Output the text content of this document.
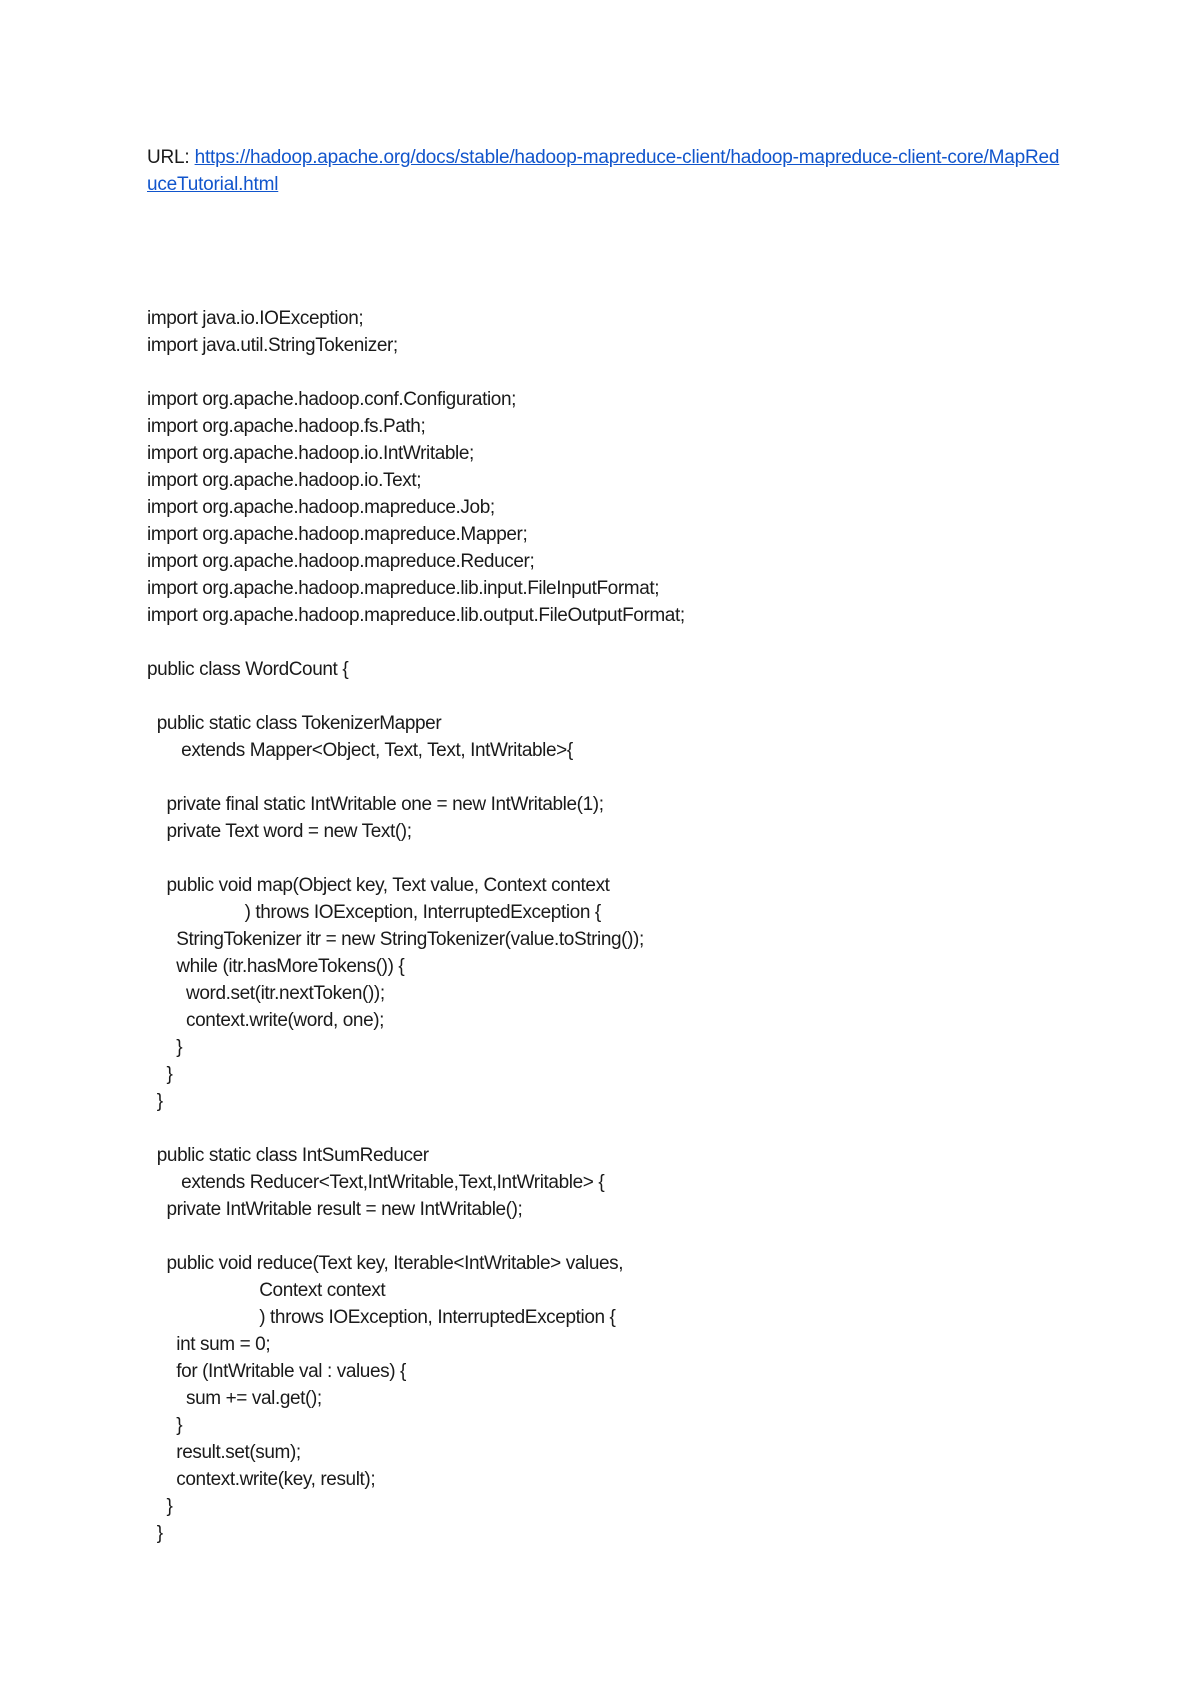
URL: https://hadoop.apache.org/docs/stable/hadoop-mapreduce-client/hadoop-mapreduce-client-core/MapReduceTutorial.html
import java.io.IOException;
import java.util.StringTokenizer;
import org.apache.hadoop.conf.Configuration;
import org.apache.hadoop.fs.Path;
import org.apache.hadoop.io.IntWritable;
import org.apache.hadoop.io.Text;
import org.apache.hadoop.mapreduce.Job;
import org.apache.hadoop.mapreduce.Mapper;
import org.apache.hadoop.mapreduce.Reducer;
import org.apache.hadoop.mapreduce.lib.input.FileInputFormat;
import org.apache.hadoop.mapreduce.lib.output.FileOutputFormat;
public class WordCount {
public static class TokenizerMapper
extends Mapper<Object, Text, Text, IntWritable>{
private final static IntWritable one = new IntWritable(1);
private Text word = new Text();
public void map(Object key, Text value, Context context
) throws IOException, InterruptedException {
StringTokenizer itr = new StringTokenizer(value.toString());
while (itr.hasMoreTokens()) {
word.set(itr.nextToken());
context.write(word, one);
}
}
}
public static class IntSumReducer
extends Reducer<Text,IntWritable,Text,IntWritable> {
private IntWritable result = new IntWritable();
public void reduce(Text key, Iterable<IntWritable> values,
Context context
) throws IOException, InterruptedException {
int sum = 0;
for (IntWritable val : values) {
sum += val.get();
}
result.set(sum);
context.write(key, result);
}
}
